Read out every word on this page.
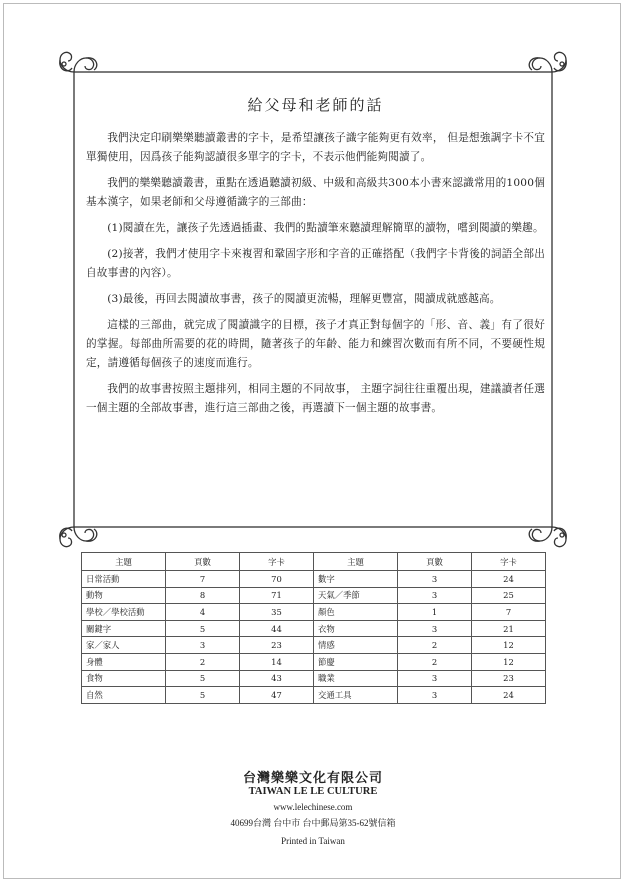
給父母和老師的話

我們決定印刷樂樂聽讀叢書的字卡，是希望讓孩子識字能夠更有效率， 但是想強調字卡不宜單獨使用，因爲孩子能夠認讀很多單字的字卡，不表示他們能夠閱讀了。

我們的樂樂聽讀叢書，重點在透過聽讀初級、中級和高級共300本小書來認識常用的1000個基本漢字，如果老師和父母遵循識字的三部曲：

(1)閱讀在先，讓孩子先透過插畫、我們的點讀筆來聽讀理解簡單的讀物，嚐到閱讀的樂趣。

(2)接著，我們才使用字卡來複習和鞏固字形和字音的正確搭配（我們字卡背後的詞語全部出自故事書的內容）。

(3)最後，再回去閱讀故事書，孩子的閱讀更流暢，理解更豐富，閱讀成就感越高。

這樣的三部曲，就完成了閱讀識字的目標，孩子才真正對每個字的「形、音、義」有了很好的掌握。每部曲所需要的花的時間，隨著孩子的年齡、能力和練習次數而有所不同，不要硬性規定，請遵循每個孩子的速度而進行。

我們的故事書按照主題排列，相同主題的不同故事， 主題字詞往往重覆出現，建議讀者任選一個主題的全部故事書，進行這三部曲之後，再選讀下一個主題的故事書。

主題	頁數	字卡	主題	頁數	字卡
日常活動	7	70	數字	3	24
動物	8	71	天氣／季節	3	25
學校／學校活動	4	35	顏色	1	7
關鍵字	5	44	衣物	3	21
家／家人	3	23	情感	2	12
身體	2	14	節慶	2	12
食物	5	43	職業	3	23
自然	5	47	交通工具	3	24
台灣樂樂文化有限公司
TAIWAN LE LE CULTURE
www.lelechinese.com
40699台灣 台中市 台中郵局第35-62號信箱
Printed in Taiwan
